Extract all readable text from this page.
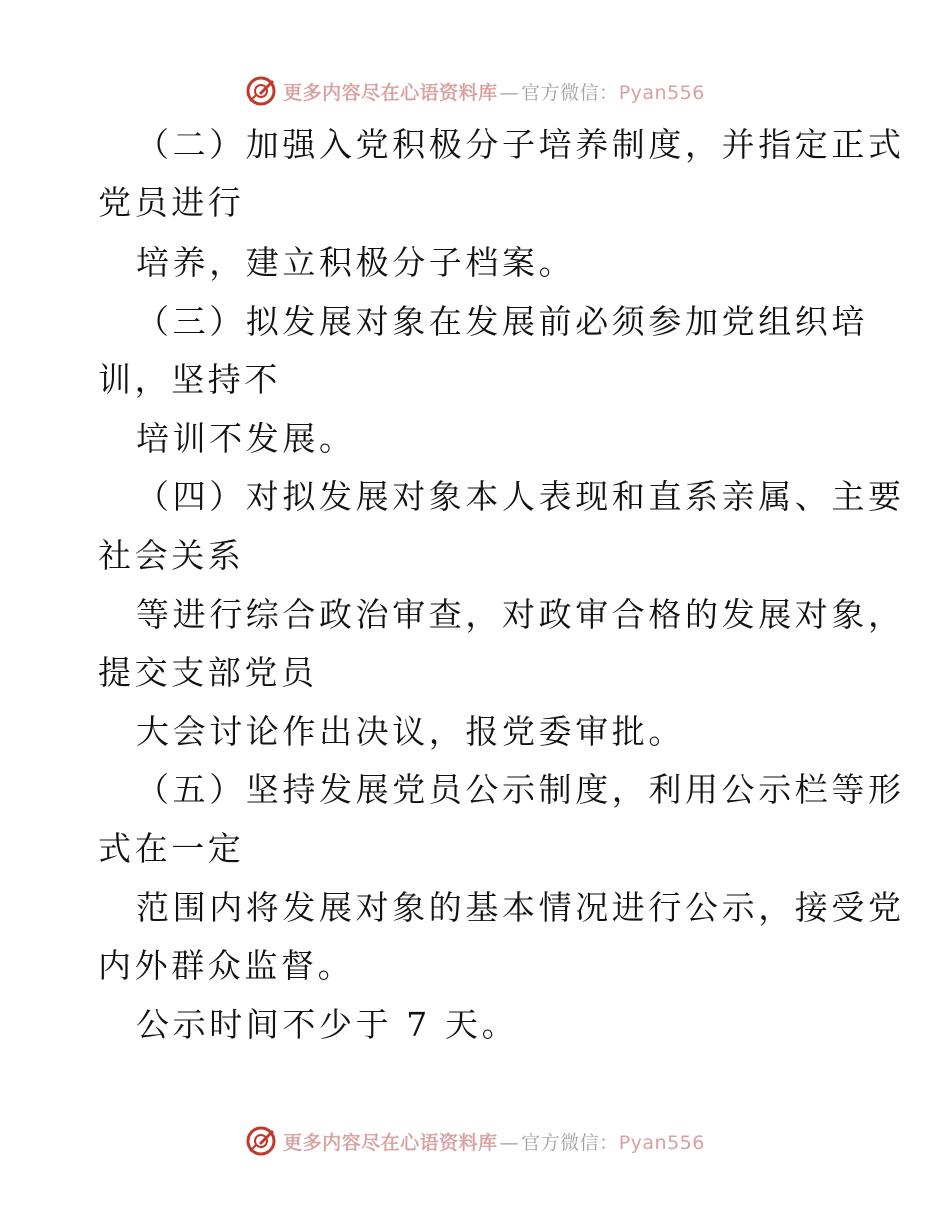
更多内容尽在心语资料库 — 官方微信：Pyan556
（二）加强入党积极分子培养制度，并指定正式
党员进行
培养，建立积极分子档案。
（三）拟发展对象在发展前必须参加党组织培
训，坚持不
培训不发展。
（四）对拟发展对象本人表现和直系亲属、主要
社会关系
等进行综合政治审查，对政审合格的发展对象，
提交支部党员
大会讨论作出决议，报党委审批。
（五）坚持发展党员公示制度，利用公示栏等形
式在一定
范围内将发展对象的基本情况进行公示，接受党
内外群众监督。
公示时间不少于 7 天。
更多内容尽在心语资料库 — 官方微信：Pyan556
